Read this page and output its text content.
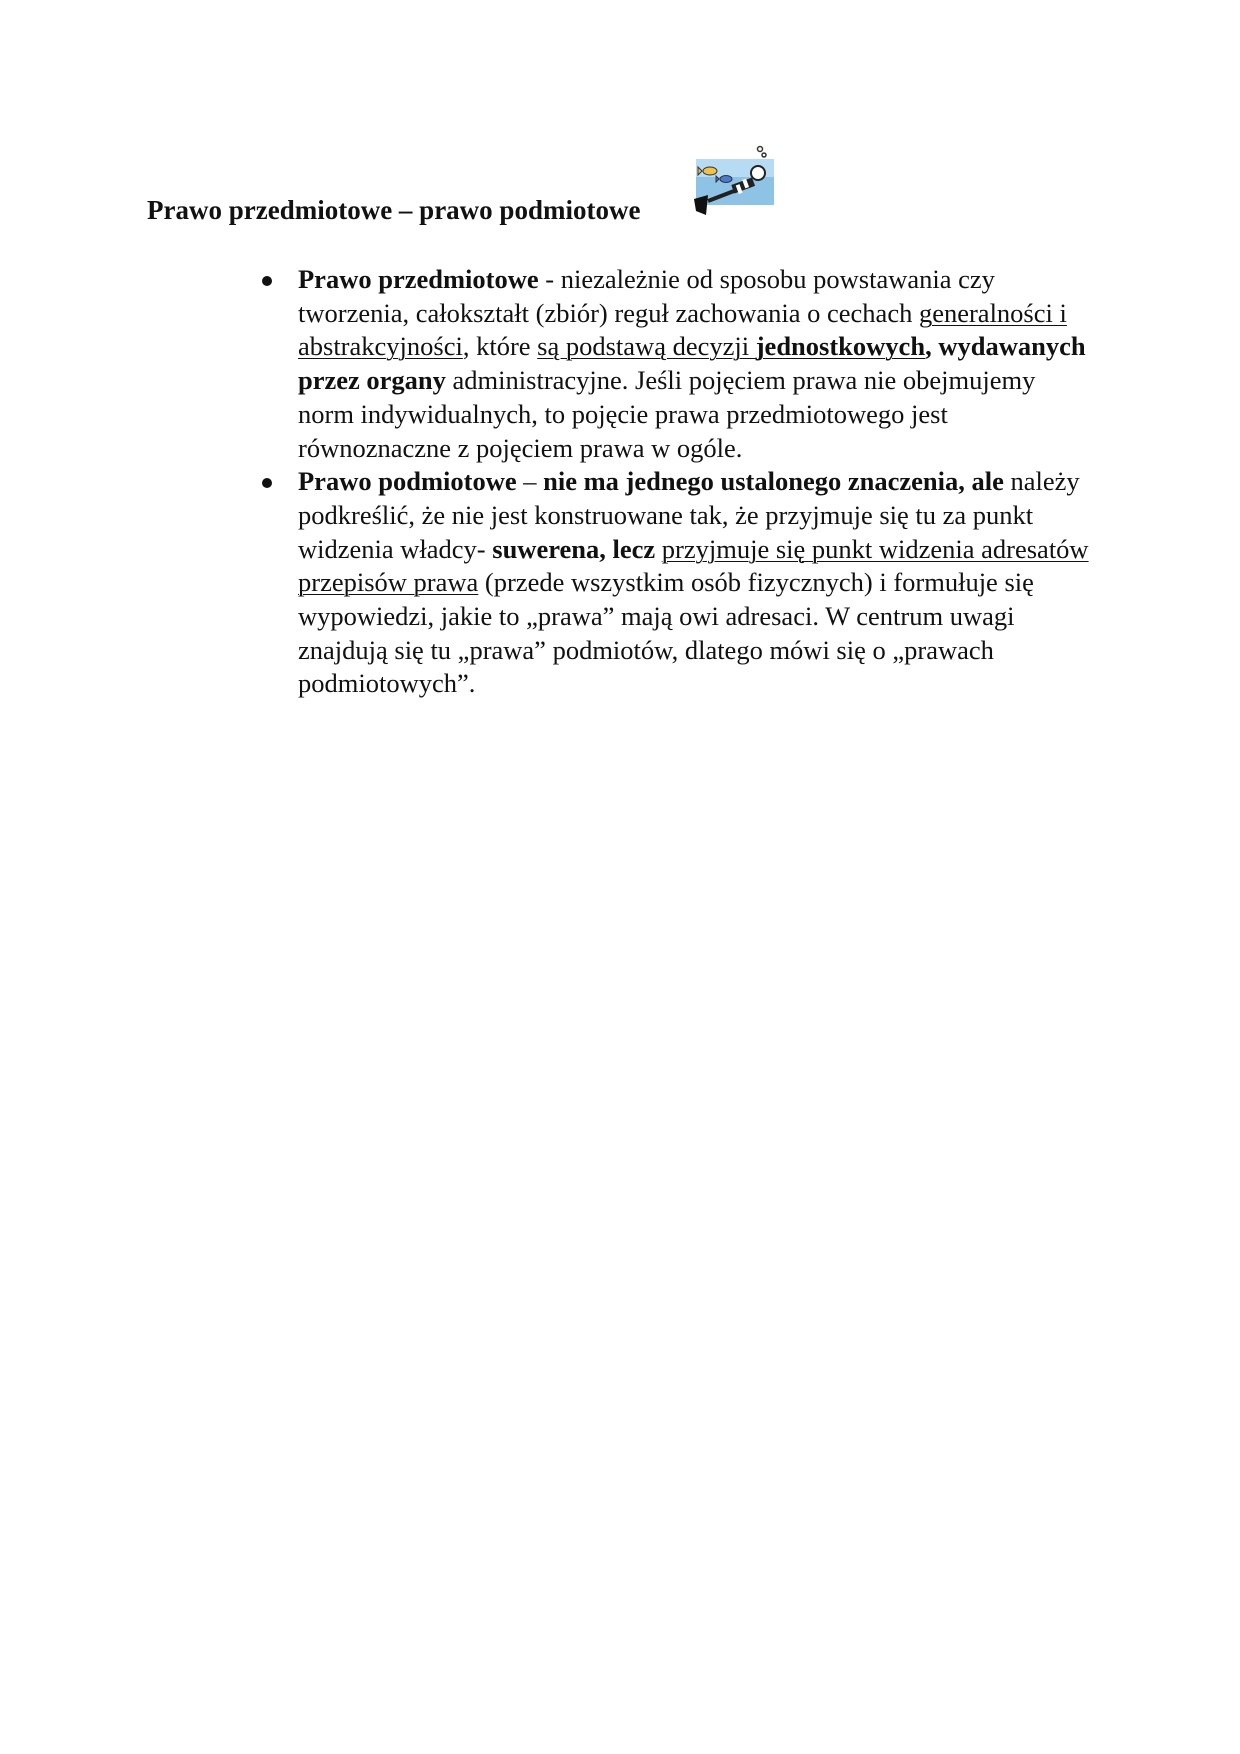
Prawo przedmiotowe – prawo podmiotowe
Prawo przedmiotowe - niezależnie od sposobu powstawania czy tworzenia, całokształt (zbiór) reguł zachowania o cechach generalności i abstrakcyjności, które są podstawą decyzji jednostkowych, wydawanych przez organy administracyjne. Jeśli pojęciem prawa nie obejmujemy norm indywidualnych, to pojęcie prawa przedmiotowego jest równoznaczne z pojęciem prawa w ogóle.
Prawo podmiotowe – nie ma jednego ustalonego znaczenia, ale należy podkreślić, że nie jest konstruowane tak, że przyjmuje się tu za punkt widzenia władcy- suwerena, lecz przyjmuje się punkt widzenia adresatów przepisów prawa (przede wszystkim osób fizycznych) i formułuje się wypowiedzi, jakie to „prawa” mają owi adresaci. W centrum uwagi znajdują się tu „prawa” podmiotów, dlatego mówi się o „prawach podmiotowych”.
